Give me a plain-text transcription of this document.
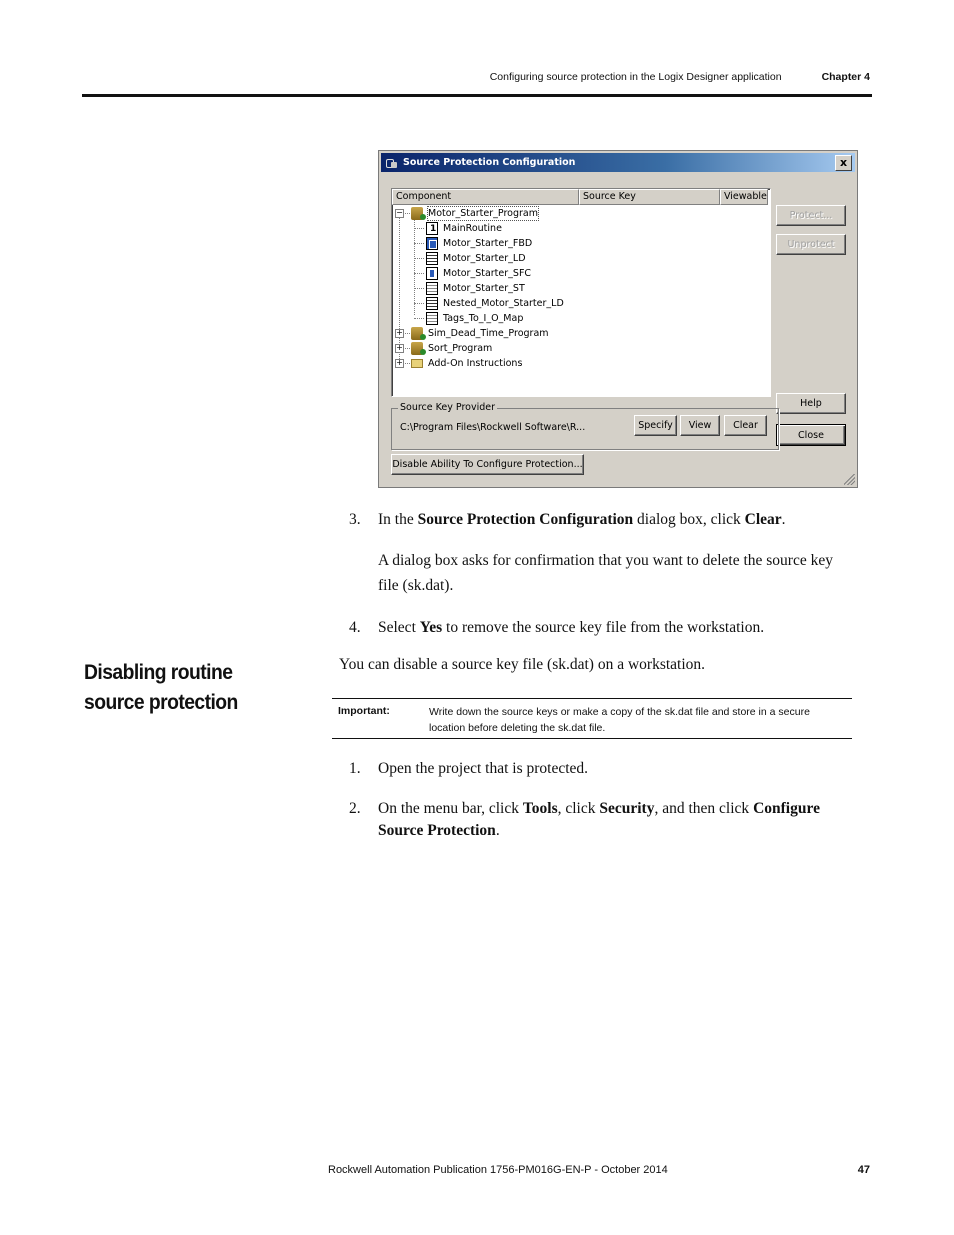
Configuring source protection in the Logix Designer application	Chapter 4
Source Protection Configuration	x
Component	Source Key	Viewable
−	Motor_Starter_Program
1
MainRoutine
Motor_Starter_FBD
Motor_Starter_LD
Motor_Starter_SFC
Motor_Starter_ST
Nested_Motor_Starter_LD
Tags_To_I_O_Map
+	Sim_Dead_Time_Program
+	Sort_Program
+	Add-On Instructions
Protect...
Unprotect
Help
Close
Source Key Provider
C:\Program Files\Rockwell Software\R...	Specify	View	Clear
Disable Ability To Configure Protection...
3. In the Source Protection Configuration dialog box, click Clear.
A dialog box asks for confirmation that you want to delete the source key file (sk.dat).
4. Select Yes to remove the source key file from the workstation.
Disabling routine source protection
You can disable a source key file (sk.dat) on a workstation.
Important:	Write down the source keys or make a copy of the sk.dat file and store in a secure location before deleting the sk.dat file.
1. Open the project that is protected.
2. On the menu bar, click Tools, click Security, and then click Configure Source Protection.
Rockwell Automation Publication 1756-PM016G-EN-P - October 2014	47
